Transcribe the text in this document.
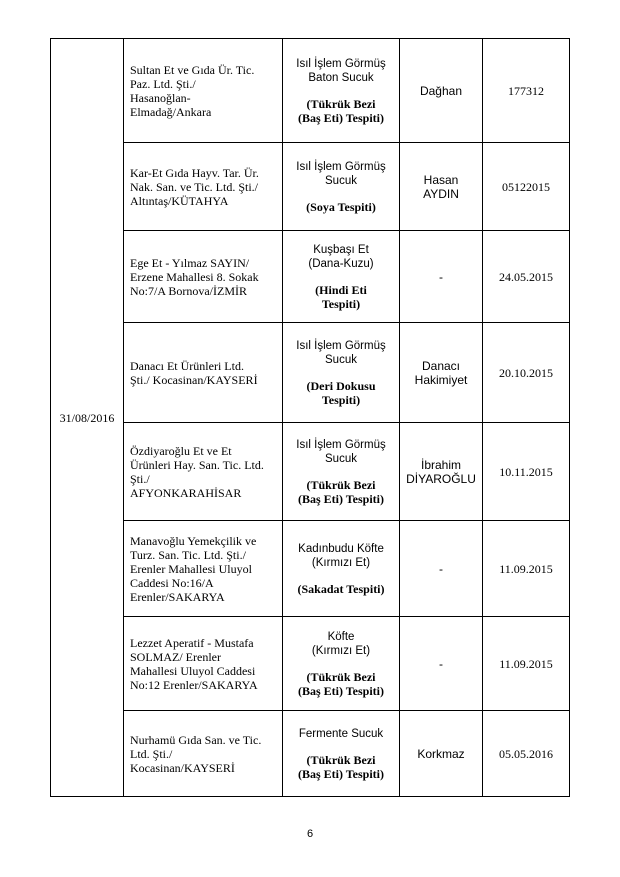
31/08/2016	Sultan Et ve Gıda Ür. Tic.
Paz. Ltd. Şti./
Hasanoğlan-
Elmadağ/Ankara	Isıl İşlem Görmüş
Baton Sucuk
(Tükrük Bezi
(Baş Eti) Tespiti)	Dağhan	177312
	Kar-Et Gıda Hayv. Tar. Ür.
Nak. San. ve Tic. Ltd. Şti./
Altıntaş/KÜTAHYA	Isıl İşlem Görmüş
Sucuk
(Soya Tespiti)	Hasan
AYDIN	05122015
	Ege Et - Yılmaz SAYIN/
Erzene Mahallesi 8. Sokak
No:7/A Bornova/İZMİR	Kuşbaşı Et
(Dana-Kuzu)
(Hindi Eti
Tespiti)	-	24.05.2015
	Danacı Et Ürünleri Ltd.
Şti./ Kocasinan/KAYSERİ	Isıl İşlem Görmüş
Sucuk
(Deri Dokusu
Tespiti)	Danacı
Hakimiyet	20.10.2015
	Özdiyaroğlu Et ve Et
Ürünleri Hay. San. Tic. Ltd.
Şti./
AFYONKARAHİSAR	Isıl İşlem Görmüş
Sucuk
(Tükrük Bezi
(Baş Eti) Tespiti)	İbrahim
DİYAROĞLU	10.11.2015
	Manavoğlu Yemekçilik ve
Turz. San. Tic. Ltd. Şti./
Erenler Mahallesi Uluyol
Caddesi No:16/A
Erenler/SAKARYA	Kadınbudu Köfte
(Kırmızı Et)
(Sakadat Tespiti)	-	11.09.2015
	Lezzet Aperatif - Mustafa
SOLMAZ/ Erenler
Mahallesi Uluyol Caddesi
No:12 Erenler/SAKARYA	Köfte
(Kırmızı Et)
(Tükrük Bezi
(Baş Eti) Tespiti)	-	11.09.2015
	Nurhamü Gıda San. ve Tic.
Ltd. Şti./
Kocasinan/KAYSERİ	Fermente Sucuk
(Tükrük Bezi
(Baş Eti) Tespiti)	Korkmaz	05.05.2016
6
